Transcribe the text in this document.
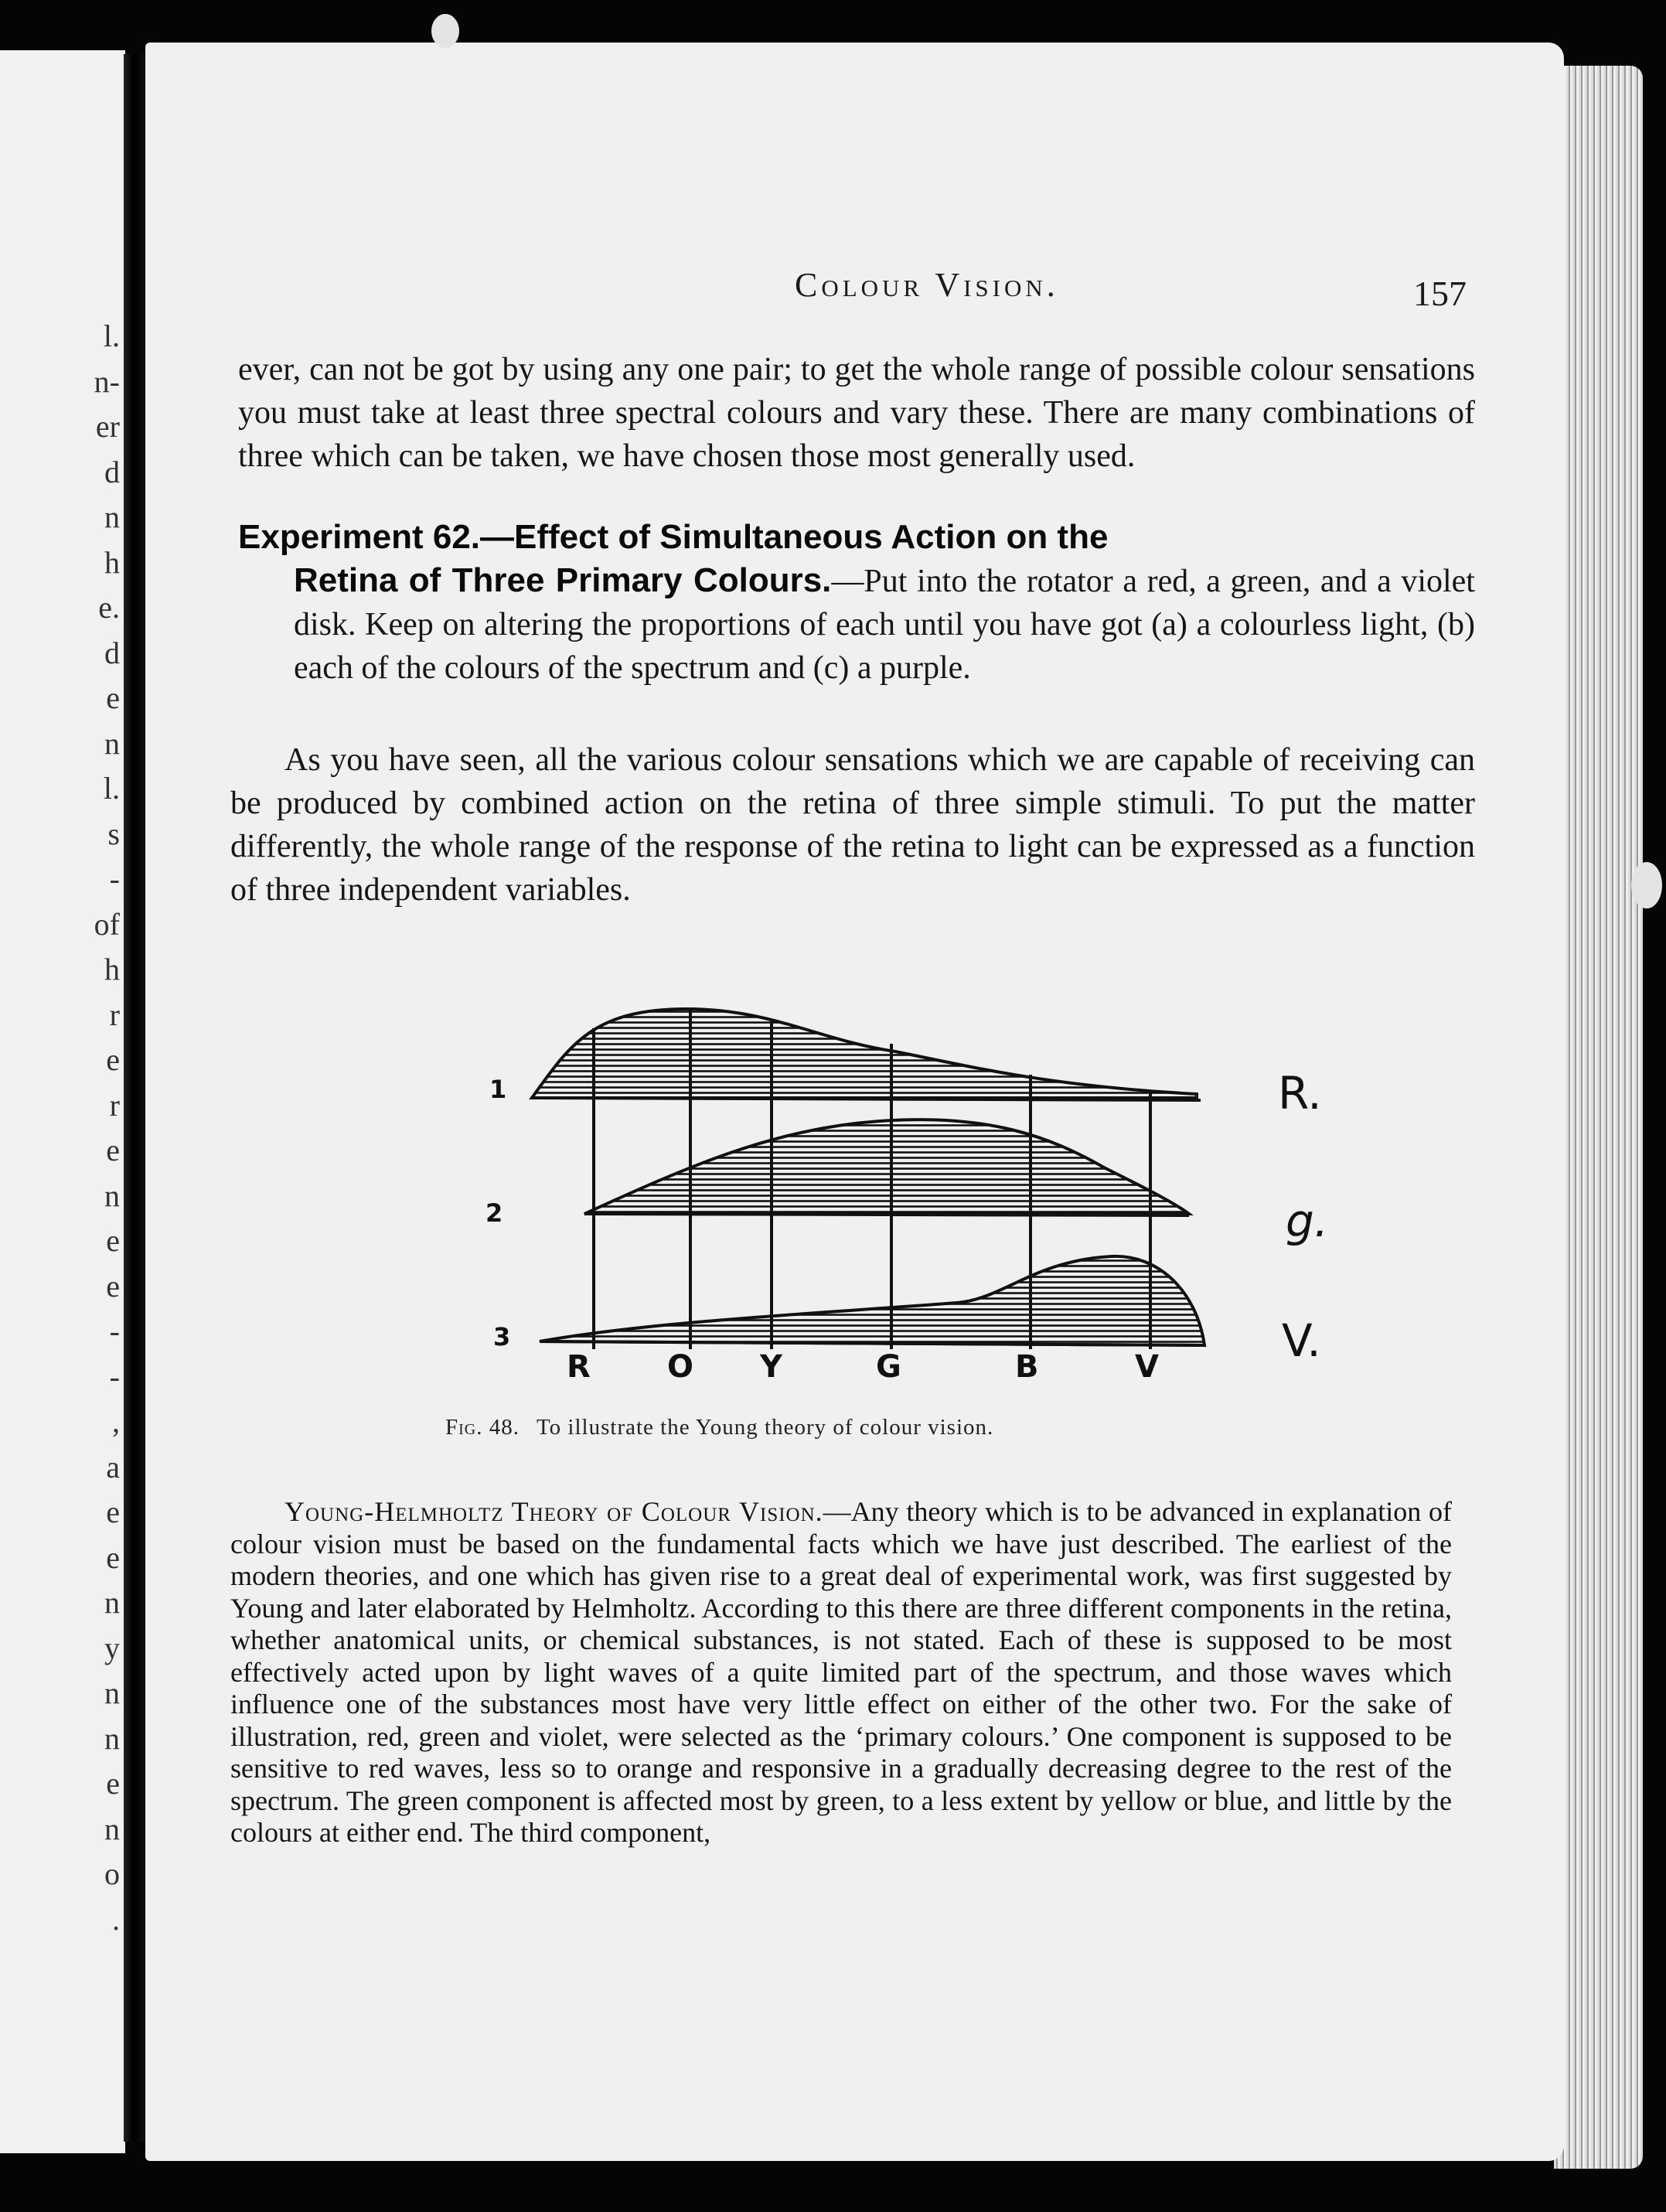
l.
n-
er
d
n
h
e.
d
e
n
l.
s
-
of
h
r
e
r
e
n
e
e
-
-
,
a
e
e
n
y
n
n
e
n
o
.
Colour Vision.	157
ever, can not be got by using any one pair; to get the whole range of possible colour sensations you must take at least three spectral colours and vary these. There are many combinations of three which can be taken, we have chosen those most generally used.
Experiment 62.—Effect of Simultaneous Action on the
Retina of Three Primary Colours.—Put into the rotator a red, a green, and a violet disk. Keep on altering the proportions of each until you have got (a) a colourless light, (b) each of the colours of the spectrum and (c) a purple.
As you have seen, all the various colour sensations which we are capable of receiving can be produced by combined action on the retina of three simple stimuli. To put the matter differently, the whole range of the response of the retina to light can be expressed as a function of three independent variables.
1
2
3
R.
g.
V.
R O Y	G	B	V
Fig. 48. To illustrate the Young theory of colour vision.
Young-Helmholtz Theory of Colour Vision.—Any theory which is to be advanced in explanation of colour vision must be based on the fundamental facts which we have just described. The earliest of the modern theories, and one which has given rise to a great deal of experimental work, was first suggested by Young and later elaborated by Helmholtz. According to this there are three different components in the retina, whether anatomical units, or chemical substances, is not stated. Each of these is supposed to be most effectively acted upon by light waves of a quite limited part of the spectrum, and those waves which influence one of the substances most have very little effect on either of the other two. For the sake of illustration, red, green and violet, were selected as the ‘primary colours.’ One component is supposed to be sensitive to red waves, less so to orange and responsive in a gradually decreasing degree to the rest of the spectrum. The green component is affected most by green, to a less extent by yellow or blue, and little by the colours at either end. The third component,
